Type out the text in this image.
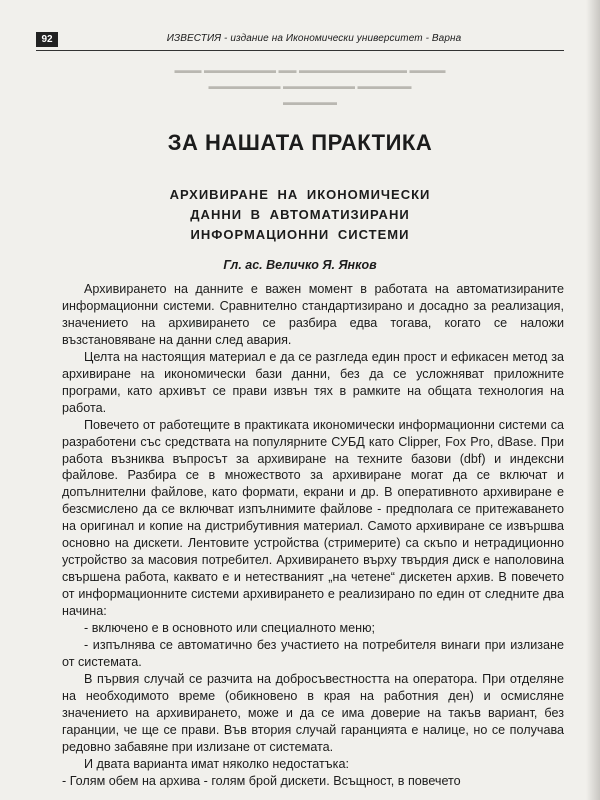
92	ИЗВЕСТИЯ - издание на Икономически университет - Варна
▬▬▬ ▬▬▬▬▬▬▬▬ ▬▬ ▬▬▬▬▬▬▬▬▬▬▬▬ ▬▬▬▬
▬▬▬▬▬▬▬▬ ▬▬▬▬▬▬▬▬ ▬▬▬▬▬▬
▬▬▬▬▬▬
ЗА НАШАТА ПРАКТИКА
АРХИВИРАНЕ НА ИКОНОМИЧЕСКИ
ДАННИ В АВТОМАТИЗИРАНИ
ИНФОРМАЦИОННИ СИСТЕМИ
Гл. ас. Величко Я. Янков

Архивирането на данните е важен момент в работата на автоматизираните информационни системи. Сравнително стандартизирано и досадно за реализация, значението на архивирането се разбира едва тогава, когато се наложи възстановяване на данни след авария.

Целта на настоящия материал е да се разгледа един прост и ефикасен метод за архивиране на икономически бази данни, без да се усложняват приложните програми, като архивът се прави извън тях в рамките на общата технология на работа.

Повечето от работещите в практиката икономически информационни системи са разработени със средствата на популярните СУБД като Clipper, Fox Pro, dBase. При работа възниква въпросът за архивиране на техните базови (dbf) и индексни файлове. Разбира се в множеството за архивиране могат да се включат и допълнителни файлове, като формати, екрани и др. В оперативното архивиране е безсмислено да се включват изпълнимите файлове - предполага се притежаването на оригинал и копие на дистрибутивния материал. Самото архивиране се извършва основно на дискети. Лентовите устройства (стримерите) са скъпо и нетрадиционно устройство за масовия потребител. Архивирането върху твърдия диск е наполовина свършена работа, каквато е и нетестваният „на четене“ дискетен архив. В повечето от информационните системи архивирането е реализирано по един от следните два начина:

- включено е в основното или специалното меню;

- изпълнява се автоматично без участието на потребителя винаги при излизане от системата.

В първия случай се разчита на добросъвестността на оператора. При отделяне на необходимото време (обикновено в края на работния ден) и осмисляне значението на архивирането, може и да се има доверие на такъв вариант, без гаранции, че ще се прави. Във втория случай гаранцията е налице, но се получава редовно забавяне при излизане от системата.

И двата варианта имат няколко недостатъка:

- Голям обем на архива - голям брой дискети. Всъщност, в повечето
